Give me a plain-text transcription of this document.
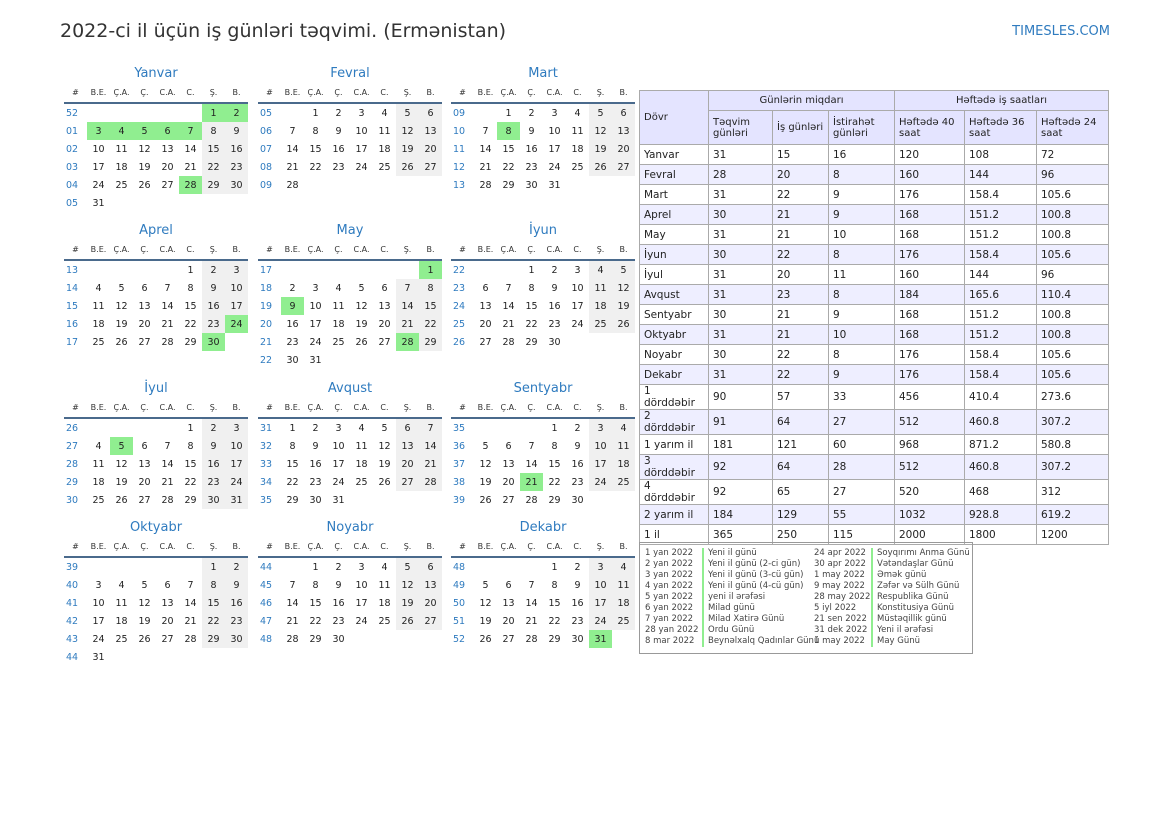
2022-ci il üçün iş günləri təqvimi. (Ermənistan)	TIMESLES.COM
Yanvar
#	B.E.	Ç.A.	Ç.	C.A.	C.	Ş.	B.
52						1	2
01	3	4	5	6	7	8	9
02	10	11	12	13	14	15	16
03	17	18	19	20	21	22	23
04	24	25	26	27	28	29	30
05	31						
Fevral
#	B.E.	Ç.A.	Ç.	C.A.	C.	Ş.	B.
05		1	2	3	4	5	6
06	7	8	9	10	11	12	13
07	14	15	16	17	18	19	20
08	21	22	23	24	25	26	27
09	28						
Mart
#	B.E.	Ç.A.	Ç.	C.A.	C.	Ş.	B.
09		1	2	3	4	5	6
10	7	8	9	10	11	12	13
11	14	15	16	17	18	19	20
12	21	22	23	24	25	26	27
13	28	29	30	31			
Aprel
#	B.E.	Ç.A.	Ç.	C.A.	C.	Ş.	B.
13					1	2	3
14	4	5	6	7	8	9	10
15	11	12	13	14	15	16	17
16	18	19	20	21	22	23	24
17	25	26	27	28	29	30	
May
#	B.E.	Ç.A.	Ç.	C.A.	C.	Ş.	B.
17							1
18	2	3	4	5	6	7	8
19	9	10	11	12	13	14	15
20	16	17	18	19	20	21	22
21	23	24	25	26	27	28	29
22	30	31					
İyun
#	B.E.	Ç.A.	Ç.	C.A.	C.	Ş.	B.
22			1	2	3	4	5
23	6	7	8	9	10	11	12
24	13	14	15	16	17	18	19
25	20	21	22	23	24	25	26
26	27	28	29	30			
İyul
#	B.E.	Ç.A.	Ç.	C.A.	C.	Ş.	B.
26					1	2	3
27	4	5	6	7	8	9	10
28	11	12	13	14	15	16	17
29	18	19	20	21	22	23	24
30	25	26	27	28	29	30	31
Avqust
#	B.E.	Ç.A.	Ç.	C.A.	C.	Ş.	B.
31	1	2	3	4	5	6	7
32	8	9	10	11	12	13	14
33	15	16	17	18	19	20	21
34	22	23	24	25	26	27	28
35	29	30	31				
Sentyabr
#	B.E.	Ç.A.	Ç.	C.A.	C.	Ş.	B.
35				1	2	3	4
36	5	6	7	8	9	10	11
37	12	13	14	15	16	17	18
38	19	20	21	22	23	24	25
39	26	27	28	29	30		
Oktyabr
#	B.E.	Ç.A.	Ç.	C.A.	C.	Ş.	B.
39						1	2
40	3	4	5	6	7	8	9
41	10	11	12	13	14	15	16
42	17	18	19	20	21	22	23
43	24	25	26	27	28	29	30
44	31						
Noyabr
#	B.E.	Ç.A.	Ç.	C.A.	C.	Ş.	B.
44		1	2	3	4	5	6
45	7	8	9	10	11	12	13
46	14	15	16	17	18	19	20
47	21	22	23	24	25	26	27
48	28	29	30				
Dekabr
#	B.E.	Ç.A.	Ç.	C.A.	C.	Ş.	B.
48				1	2	3	4
49	5	6	7	8	9	10	11
50	12	13	14	15	16	17	18
51	19	20	21	22	23	24	25
52	26	27	28	29	30	31	
Dövr	Günlərin miqdarı			Həftədə iş saatları		
	Təqvim günləri	İş günləri	İstirahət günləri	Həftədə 40 saat	Həftədə 36 saat	Həftədə 24 saat
Yanvar	31	15	16	120	108	72
Fevral	28	20	8	160	144	96
Mart	31	22	9	176	158.4	105.6
Aprel	30	21	9	168	151.2	100.8
May	31	21	10	168	151.2	100.8
İyun	30	22	8	176	158.4	105.6
İyul	31	20	11	160	144	96
Avqust	31	23	8	184	165.6	110.4
Sentyabr	30	21	9	168	151.2	100.8
Oktyabr	31	21	10	168	151.2	100.8
Noyabr	30	22	8	176	158.4	105.6
Dekabr	31	22	9	176	158.4	105.6
1 dörddəbir	90	57	33	456	410.4	273.6
2 dörddəbir	91	64	27	512	460.8	307.2
1 yarım il	181	121	60	968	871.2	580.8
3 dörddəbir	92	64	28	512	460.8	307.2
4 dörddəbir	92	65	27	520	468	312
2 yarım il	184	129	55	1032	928.8	619.2
1 il	365	250	115	2000	1800	1200
1 yan 2022	Yeni il günü
2 yan 2022	Yeni il günü (2-ci gün)
3 yan 2022	Yeni il günü (3-cü gün)
4 yan 2022	Yeni il günü (4-cü gün)
5 yan 2022	yeni il ərəfəsi
6 yan 2022	Milad günü
7 yan 2022	Milad Xatirə Günü
28 yan 2022	Ordu Günü
8 mar 2022	Beynəlxalq Qadınlar Günü
24 apr 2022	Soyqırımı Anma Günü
30 apr 2022	Vətəndaşlar Günü
1 may 2022	Əmək günü
9 may 2022	Zəfər və Sülh Günü
28 may 2022 Respublika Günü
5 iyl 2022	Konstitusiya Günü
21 sen 2022	Müstəqillik günü
31 dek 2022	Yeni il ərəfəsi
1 may 2022	May Günü
